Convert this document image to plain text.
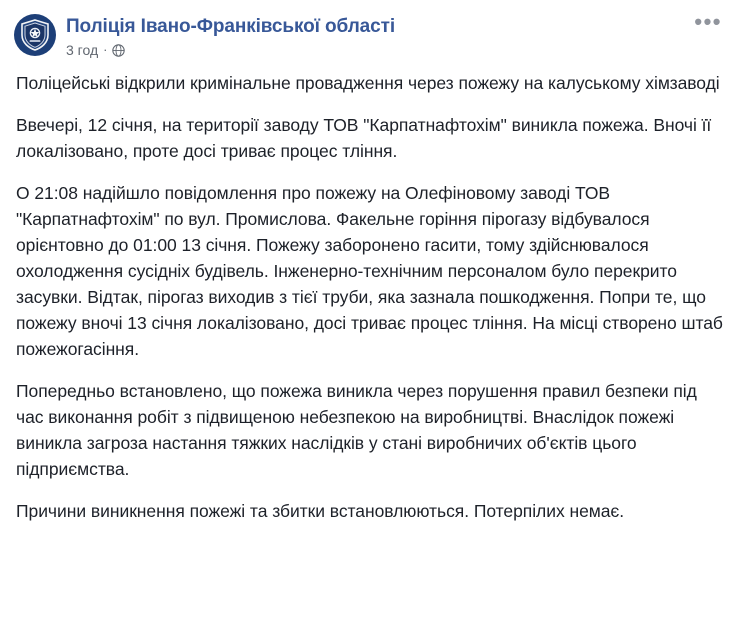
Поліція Івано-Франківської області
3 год ·
•••

Поліцейські відкрили кримінальне провадження через пожежу на калуському хімзаводі

Ввечері, 12 січня, на території заводу ТОВ "Карпатнафтохім" виникла пожежа. Вночі її локалізовано, проте досі триває процес тління.

О 21:08 надійшло повідомлення про пожежу на Олефіновому заводі ТОВ "Карпатнафтохім" по вул. Промислова. Факельне горіння пірогазу відбувалося орієнтовно до 01:00 13 січня. Пожежу заборонено гасити, тому здійснювалося охолодження сусідніх будівель. Інженерно-технічним персоналом було перекрито засувки. Відтак, пірогаз виходив з тієї труби, яка зазнала пошкодження. Попри те, що пожежу вночі 13 січня локалізовано, досі триває процес тління. На місці створено штаб пожежогасіння.

Попередньо встановлено, що пожежа виникла через порушення правил безпеки під час виконання робіт з підвищеною небезпекою на виробництві. Внаслідок пожежі виникла загроза настання тяжких наслідків у стані виробничих об'єктів цього підприємства.

Причини виникнення пожежі та збитки встановлюються. Потерпілих немає.
